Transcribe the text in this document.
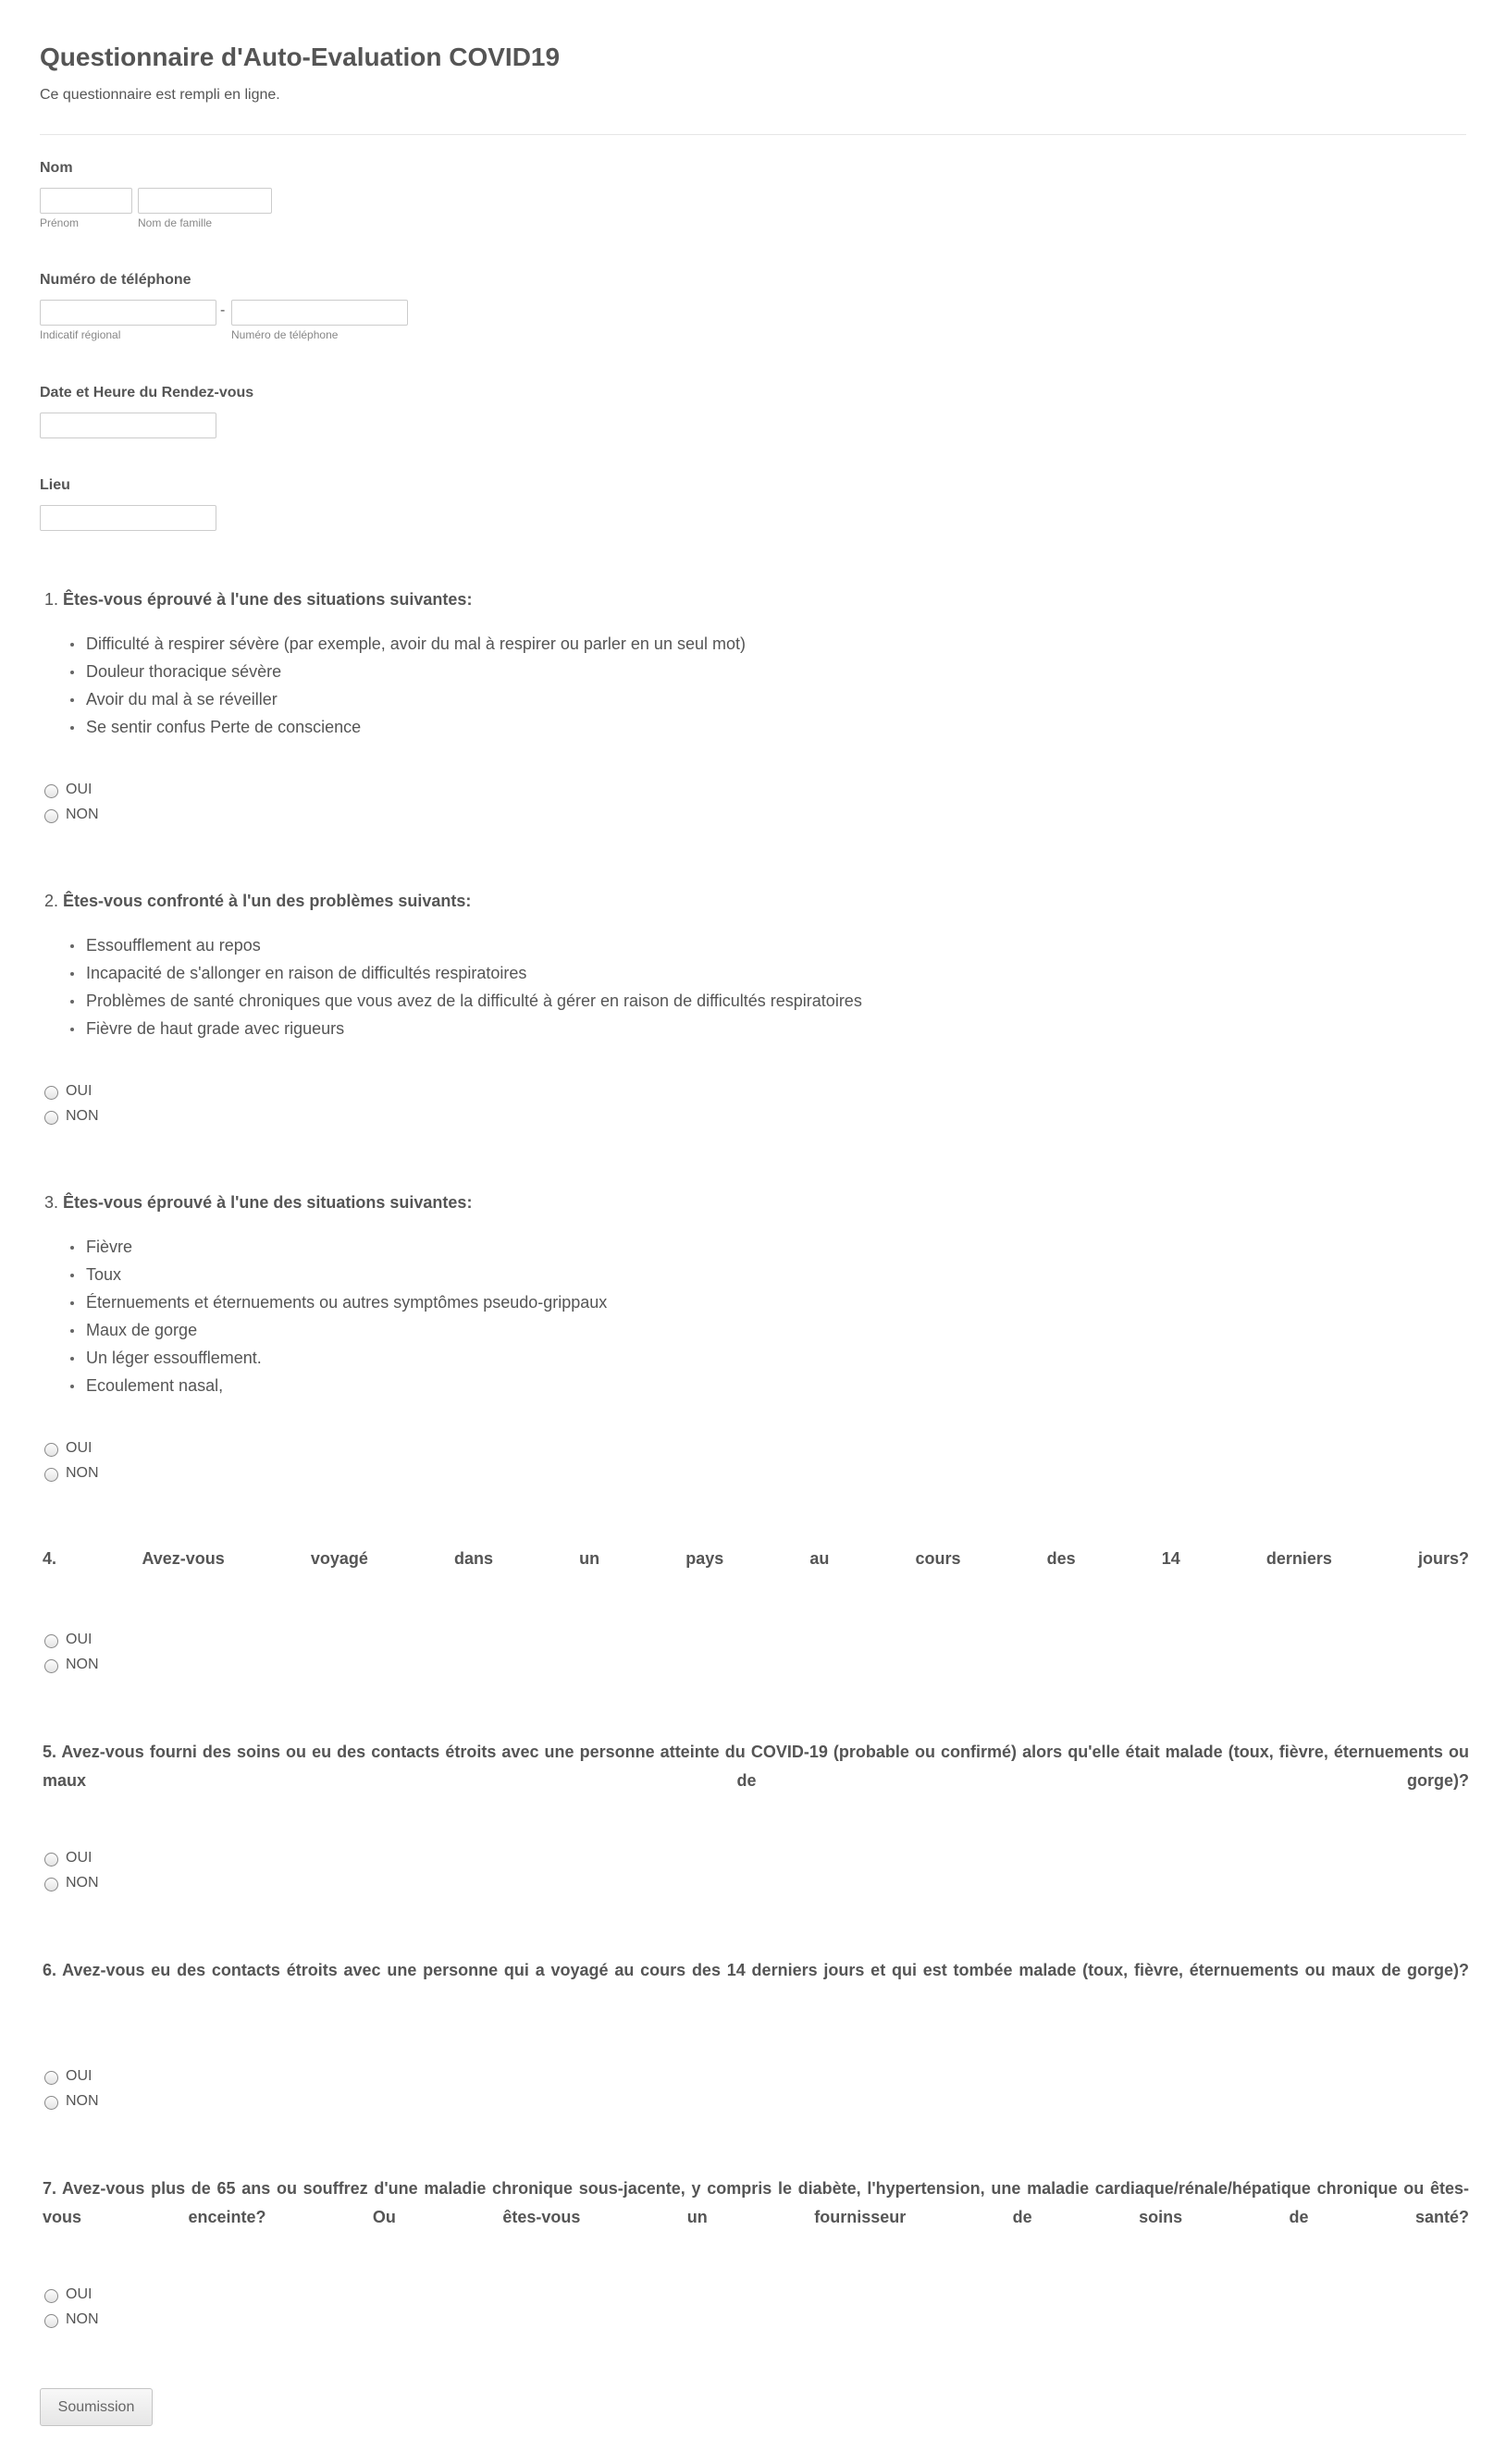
Questionnaire d'Auto-Evaluation COVID19
Ce questionnaire est rempli en ligne.
Nom
Prénom	Nom de famille
Numéro de téléphone
-
Indicatif régional	Numéro de téléphone
Date et Heure du Rendez-vous
Lieu
1. Êtes-vous éprouvé à l'une des situations suivantes:
Difficulté à respirer sévère (par exemple, avoir du mal à respirer ou parler en un seul mot)
Douleur thoracique sévère
Avoir du mal à se réveiller
Se sentir confus Perte de conscience
OUI
NON
2. Êtes-vous confronté à l'un des problèmes suivants:
Essoufflement au repos
Incapacité de s'allonger en raison de difficultés respiratoires
Problèmes de santé chroniques que vous avez de la difficulté à gérer en raison de difficultés respiratoires
Fièvre de haut grade avec rigueurs
OUI
NON
3. Êtes-vous éprouvé à l'une des situations suivantes:
Fièvre
Toux
Éternuements et éternuements ou autres symptômes pseudo-grippaux
Maux de gorge
Un léger essoufflement.
Ecoulement nasal,
OUI
NON
4. Avez-vous voyagé dans un pays au cours des 14 derniers jours?
OUI
NON
5. Avez-vous fourni des soins ou eu des contacts étroits avec une personne atteinte du COVID-19 (probable ou confirmé) alors qu'elle était malade (toux, fièvre, éternuements ou maux de gorge)?
OUI
NON
6. Avez-vous eu des contacts étroits avec une personne qui a voyagé au cours des 14 derniers jours et qui est tombée malade (toux, fièvre, éternuements ou maux de gorge)?
OUI
NON
7. Avez-vous plus de 65 ans ou souffrez d'une maladie chronique sous-jacente, y compris le diabète, l'hypertension, une maladie cardiaque/rénale/hépatique chronique ou êtes-vous enceinte? Ou êtes-vous un fournisseur de soins de santé?
OUI
NON
Soumission
